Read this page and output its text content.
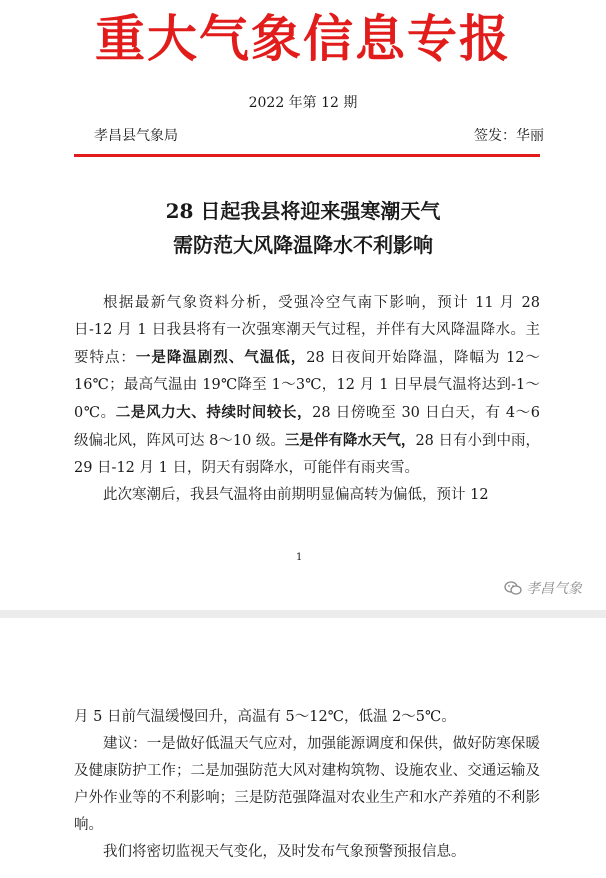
重大气象信息专报
2022 年第 12 期
孝昌县气象局	签发：华丽
28 日起我县将迎来强寒潮天气
需防范大风降温降水不利影响

根据最新气象资料分析，受强冷空气南下影响，预计 11 月 28 日-12 月 1 日我县将有一次强寒潮天气过程，并伴有大风降温降水。主要特点：一是降温剧烈、气温低，28 日夜间开始降温，降幅为 12～16℃；最高气温由 19℃降至 1～3℃，12 月 1 日早晨气温将达到-1～0℃。二是风力大、持续时间较长，28 日傍晚至 30 日白天，有 4～6 级偏北风，阵风可达 8～10 级。三是伴有降水天气，28 日有小到中雨，29 日-12 月 1 日，阴天有弱降水，可能伴有雨夹雪。

此次寒潮后，我县气温将由前期明显偏高转为偏低，预计 12

1
孝昌气象

月 5 日前气温缓慢回升，高温有 5～12℃，低温 2～5℃。

建议：一是做好低温天气应对，加强能源调度和保供，做好防寒保暖及健康防护工作；二是加强防范大风对建构筑物、设施农业、交通运输及户外作业等的不利影响；三是防范强降温对农业生产和水产养殖的不利影响。

我们将密切监视天气变化，及时发布气象预警预报信息。
